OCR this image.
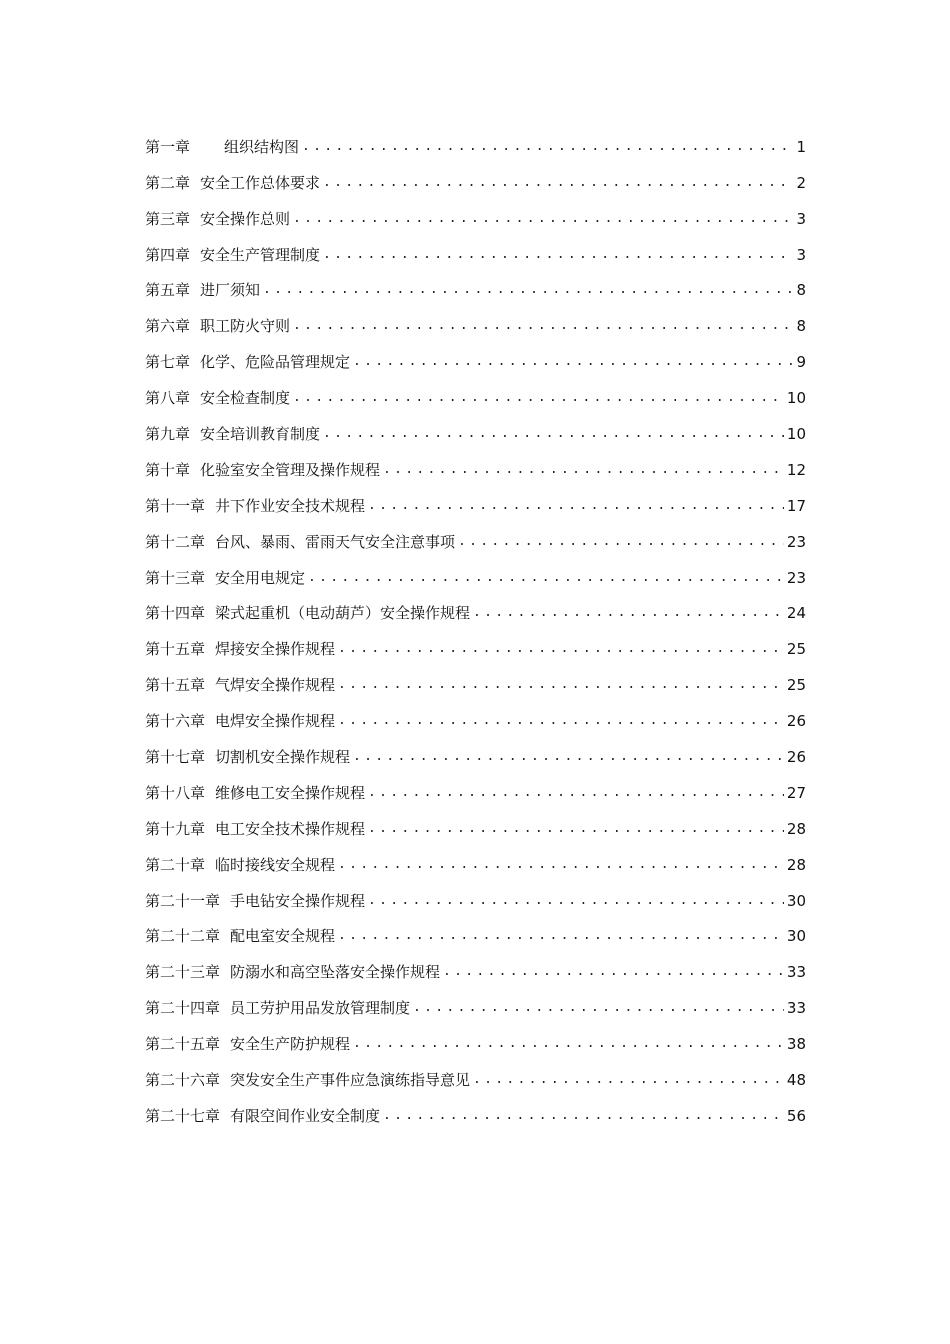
第一章 组织结构图 .....	1
第二章 安全工作总体要求 .....	2
第三章 安全操作总则 .....	3
第四章 安全生产管理制度 .....	3
第五章 进厂须知 .....	8
第六章 职工防火守则 .....	8
第七章 化学、危险品管理规定 .....	9
第八章 安全检查制度 .....	10
第九章 安全培训教育制度 .....	10
第十章 化验室安全管理及操作规程 .....	12
第十一章 井下作业安全技术规程 .....	17
第十二章 台风、暴雨、雷雨天气安全注意事项 .....	23
第十三章 安全用电规定 .....	23
第十四章 梁式起重机（电动葫芦）安全操作规程 .....	24
第十五章 焊接安全操作规程 .....	25
第十五章 气焊安全操作规程 .....	25
第十六章 电焊安全操作规程 .....	26
第十七章 切割机安全操作规程 .....	26
第十八章 维修电工安全操作规程 .....	27
第十九章 电工安全技术操作规程 .....	28
第二十章 临时接线安全规程 .....	28
第二十一章 手电钻安全操作规程 .....	30
第二十二章 配电室安全规程 .....	30
第二十三章 防溺水和高空坠落安全操作规程 .....	33
第二十四章 员工劳护用品发放管理制度 .....	33
第二十五章 安全生产防护规程 .....	38
第二十六章 突发安全生产事件应急演练指导意见 .....	48
第二十七章 有限空间作业安全制度 .....	56
